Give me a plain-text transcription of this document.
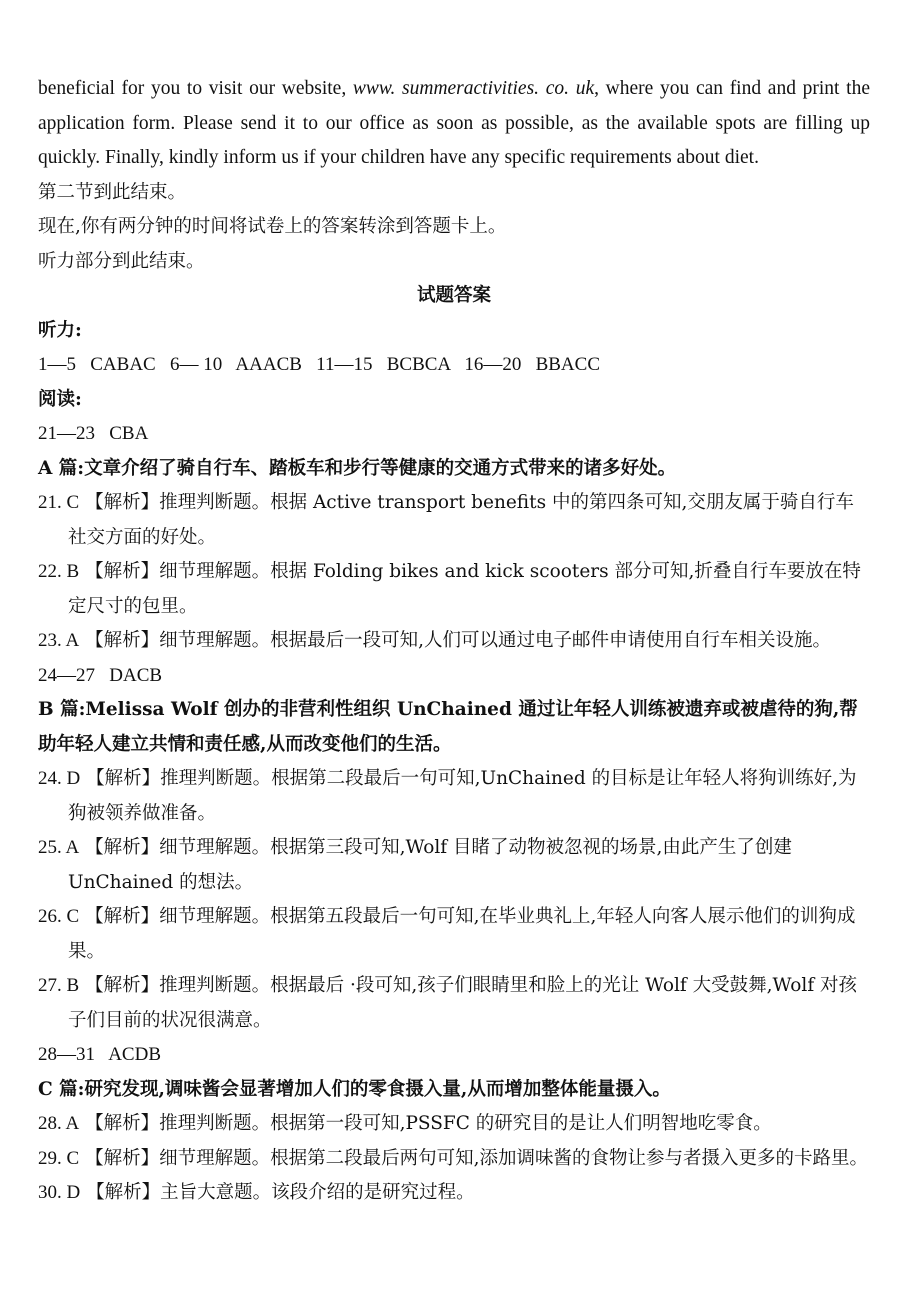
beneficial for you to visit our website, www. summeractivities. co. uk, where you can find and print the application form. Please send it to our office as soon as possible, as the available spots are filling up quickly. Finally, kindly inform us if your children have any specific requirements about diet.
第二节到此结束。
现在,你有两分钟的时间将试卷上的答案转涂到答题卡上。
听力部分到此结束。
试题答案
听力:
1—5   CABAC   6— 10   AAACB   11—15   BCBCA   16—20   BBACC
阅读:
21—23   CBA
A 篇:文章介绍了骑自行车、踏板车和步行等健康的交通方式带来的诸多好处。
21. C 【解析】推理判断题。根据 Active transport benefits 中的第四条可知,交朋友属于骑自行车社交方面的好处。
22. B 【解析】细节理解题。根据 Folding bikes and kick scooters 部分可知,折叠自行车要放在特定尺寸的包里。
23. A 【解析】细节理解题。根据最后一段可知,人们可以通过电子邮件申请使用自行车相关设施。
24—27   DACB
B 篇:Melissa Wolf 创办的非营利性组织 UnChained 通过让年轻人训练被遗弃或被虐待的狗,帮助年轻人建立共情和责任感,从而改变他们的生活。
24. D 【解析】推理判断题。根据第二段最后一句可知,UnChained 的目标是让年轻人将狗训练好,为狗被领养做准备。
25. A 【解析】细节理解题。根据第三段可知,Wolf 目睹了动物被忽视的场景,由此产生了创建 UnChained 的想法。
26. C 【解析】细节理解题。根据第五段最后一句可知,在毕业典礼上,年轻人向客人展示他们的训狗成果。
27. B 【解析】推理判断题。根据最后 ·段可知,孩子们眼睛里和脸上的光让 Wolf 大受鼓舞,Wolf 对孩子们目前的状况很满意。
28—31   ACDB
C 篇:研究发现,调味酱会显著增加人们的零食摄入量,从而增加整体能量摄入。
28. A 【解析】推理判断题。根据第一段可知,PSSFC 的研究目的是让人们明智地吃零食。
29. C 【解析】细节理解题。根据第二段最后两句可知,添加调味酱的食物让参与者摄入更多的卡路里。
30. D 【解析】主旨大意题。该段介绍的是研究过程。
